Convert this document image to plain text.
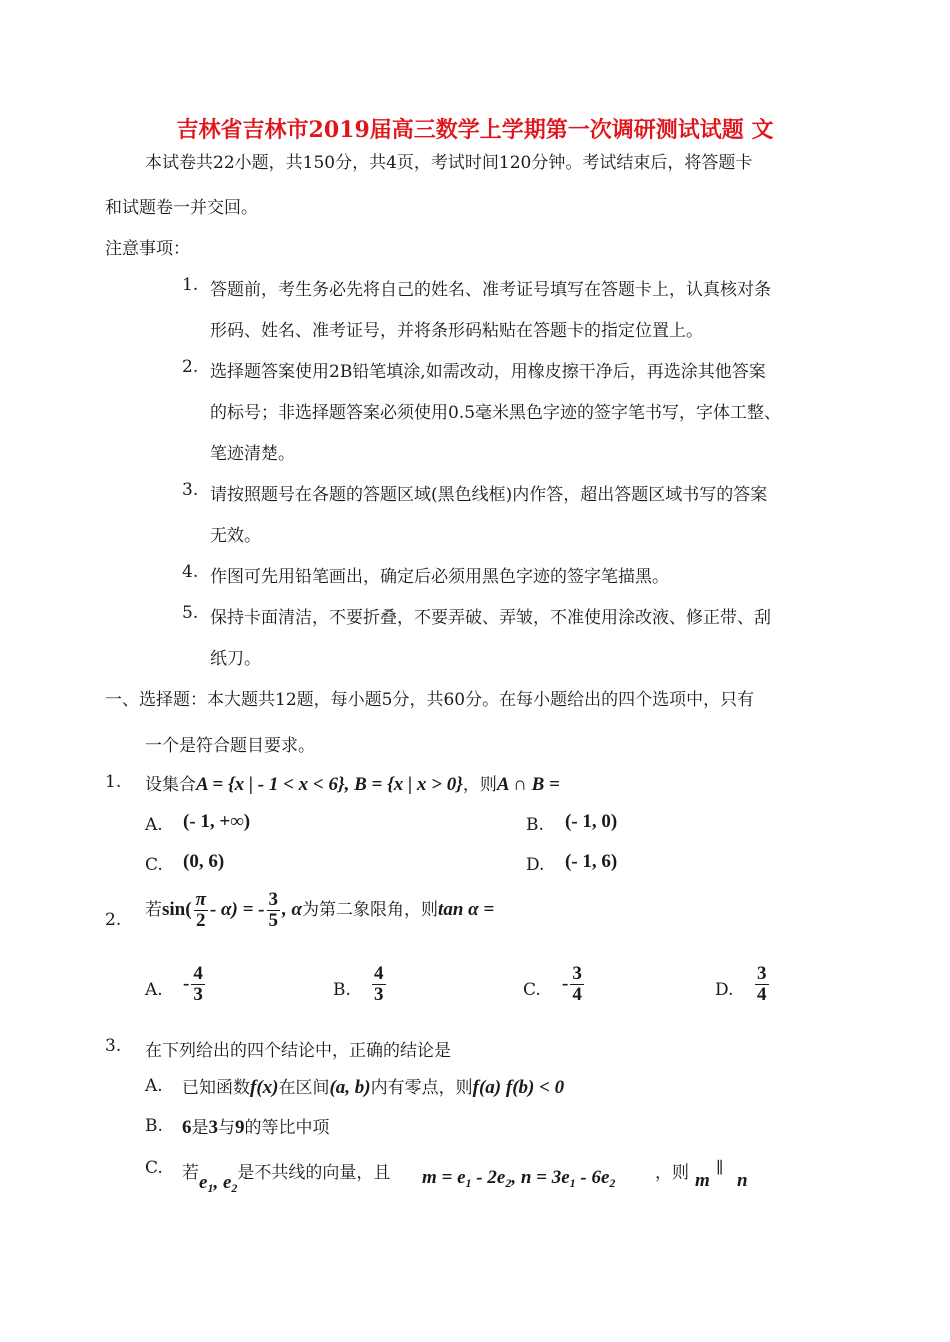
吉林省吉林市2019届高三数学上学期第一次调研测试试题 文
本试卷共22小题，共150分，共4页，考试时间120分钟。考试结束后，将答题卡
和试题卷一并交回。
注意事项：
1. 答题前，考生务必先将自己的姓名、准考证号填写在答题卡上，认真核对条
形码、姓名、准考证号，并将条形码粘贴在答题卡的指定位置上。
2. 选择题答案使用2B铅笔填涂,如需改动，用橡皮擦干净后，再选涂其他答案
的标号；非选择题答案必须使用0.5毫米黑色字迹的签字笔书写，字体工整、
笔迹清楚。
3. 请按照题号在各题的答题区域(黑色线框)内作答，超出答题区域书写的答案
无效。
4. 作图可先用铅笔画出，确定后必须用黑色字迹的签字笔描黑。
5. 保持卡面清洁，不要折叠，不要弄破、弄皱，不准使用涂改液、修正带、刮
纸刀。
一、选择题：本大题共12题，每小题5分，共60分。在每小题给出的四个选项中，只有
一个是符合题目要求。
1. 设集合A = {x | - 1 < x < 6}, B = {x | x > 0}，则A ∩ B =
A. (- 1, +∞)	B. (- 1, 0)
C. (0, 6)	D. (- 1, 6)
2. 若$\sin( \frac{\pi}{2} - \alpha)$ = - $\frac{3}{5}$ , α为第二象限角，则tan α =
A. - $\frac{4}{3}$	B. $\frac{4}{3}$	C. - $\frac{3}{4}$	D. $\frac{3}{4}$
3. 在下列给出的四个结论中，正确的结论是
A. 已知函数f(x)在区间(a, b)内有零点，则f(a) f(b) < 0
B. 6是3与9的等比中项
C. 若$e_1$, $e_2$是不共线的向量，且 $m = e_1 - 2e_2$, $n = 3e_1 - 6e_2$ ，则 m
∥
n
